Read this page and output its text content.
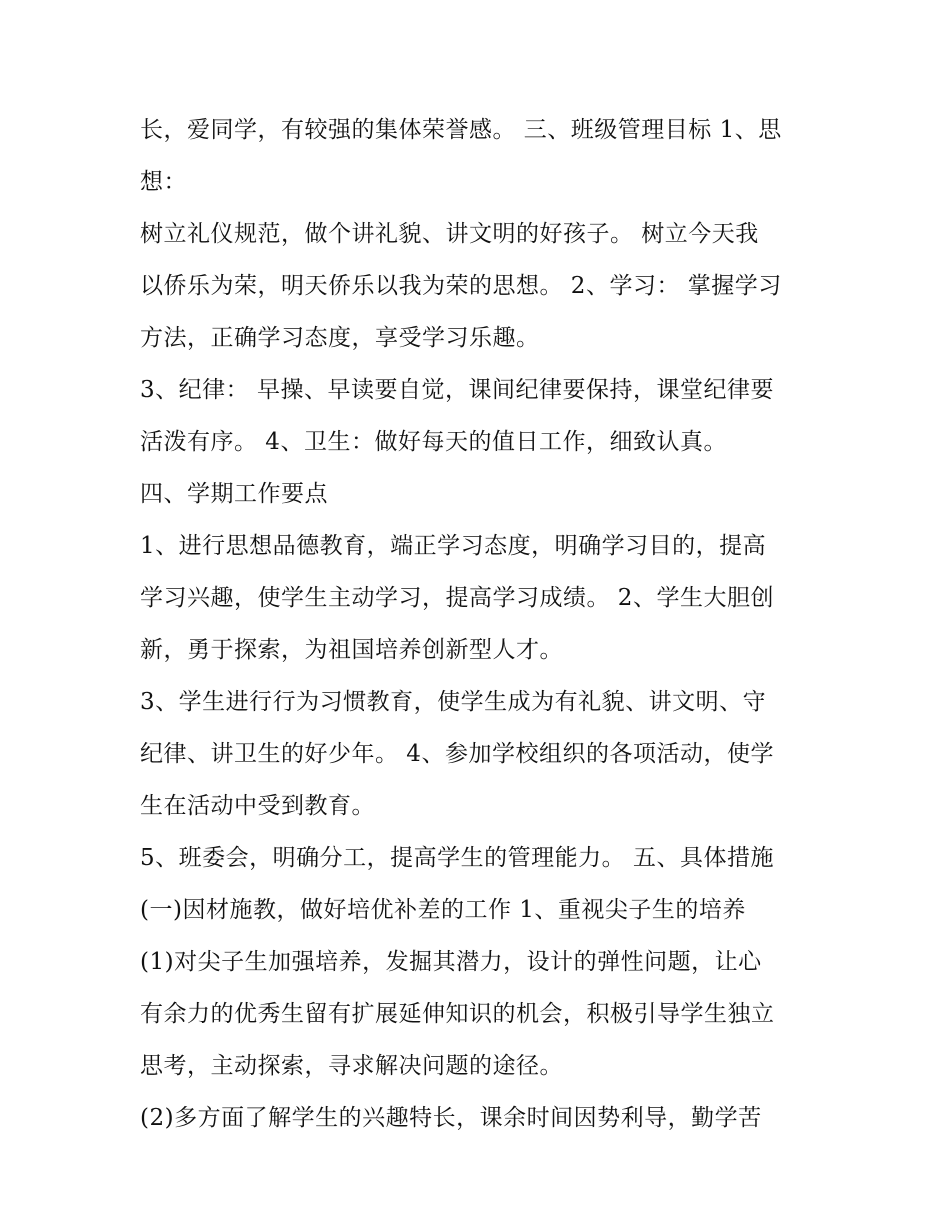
长，爱同学，有较强的集体荣誉感。 三、班级管理目标 1、思
想：
树立礼仪规范，做个讲礼貌、讲文明的好孩子。 树立今天我
以侨乐为荣，明天侨乐以我为荣的思想。 2、学习： 掌握学习
方法，正确学习态度，享受学习乐趣。
3、纪律： 早操、早读要自觉，课间纪律要保持，课堂纪律要
活泼有序。 4、卫生：做好每天的值日工作，细致认真。
四、学期工作要点
1、进行思想品德教育，端正学习态度，明确学习目的，提高
学习兴趣，使学生主动学习，提高学习成绩。 2、学生大胆创
新，勇于探索，为祖国培养创新型人才。
3、学生进行行为习惯教育，使学生成为有礼貌、讲文明、守
纪律、讲卫生的好少年。 4、参加学校组织的各项活动，使学
生在活动中受到教育。
5、班委会，明确分工，提高学生的管理能力。 五、具体措施
(一)因材施教，做好培优补差的工作 1、重视尖子生的培养
(1)对尖子生加强培养，发掘其潜力，设计的弹性问题，让心
有余力的优秀生留有扩展延伸知识的机会，积极引导学生独立
思考，主动探索，寻求解决问题的途径。
(2)多方面了解学生的兴趣特长，课余时间因势利导，勤学苦
